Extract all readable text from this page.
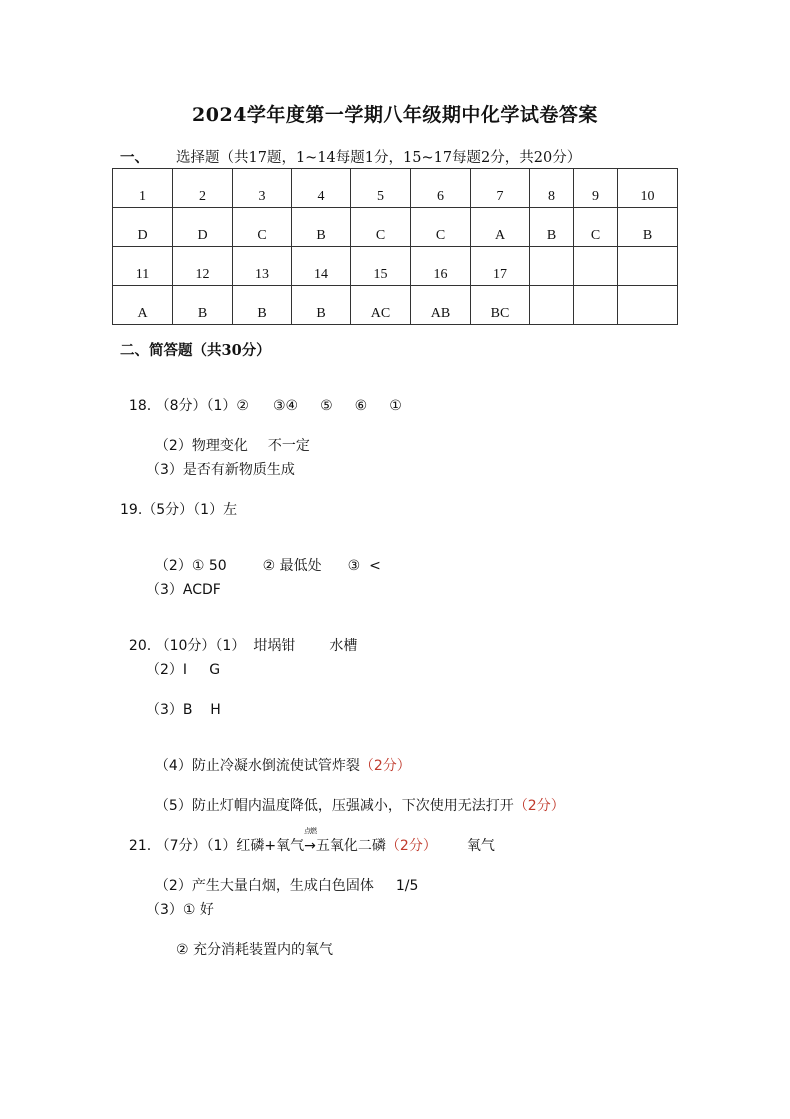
2024学年度第一学期八年级期中化学试卷答案
一、 选择题（共17题，1~14每题1分，15~17每题2分，共20分）
1	2	3	4	5	6	7	8	9	10
D	D	C	B	C	C	A	B	C	B
11	12	13	14	15	16	17			
A	B	B	B	AC	AB	BC			
二、简答题（共30分）

18. （8分）（1）② ③④ ⑤ ⑥ ①

（2）物理变化 不一定

（3）是否有新物质生成
19.（5分）（1）左

（2）① 50	② 最低处 ③  <

（3）ACDF

20. （10分）（1） 坩埚钳 水槽

（2）I     G
（3）B    H

（4）防止冷凝水倒流使试管炸裂（2分）

（5）防止灯帽内温度降低，压强减小，下次使用无法打开（2分）

21. （7分）（1）红磷+氧气
点燃
→五氧化二磷（2分） 氧气

（2）产生大量白烟，生成白色固体 1/5

（3）① 好
② 充分消耗装置内的氧气
